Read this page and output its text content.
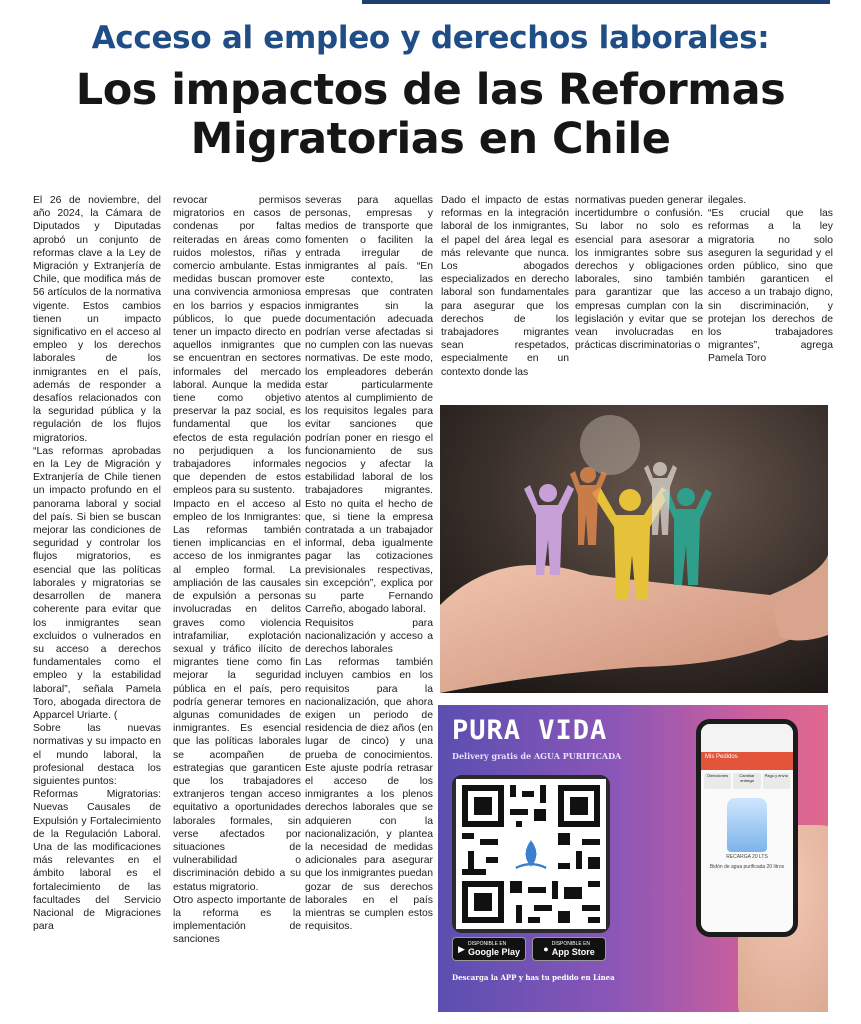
Acceso al empleo y derechos laborales:
Los impactos de las Reformas
Migratorias en Chile

El 26 de noviembre, del año 2024, la Cámara de Diputados y Diputadas aprobó un conjunto de reformas clave a la Ley de Migración y Extranjería de Chile, que modifica más de 56 artículos de la normativa vigente. Estos cambios tienen un impacto significativo en el acceso al empleo y los derechos laborales de los inmigrantes en el país, además de responder a desafíos relacionados con la seguridad pública y la regulación de los flujos migratorios.

“Las reformas aprobadas en la Ley de Migración y Extranjería de Chile tienen un impacto profundo en el panorama laboral y social del país. Si bien se buscan mejorar las condiciones de seguridad y controlar los flujos migratorios, es esencial que las políticas laborales y migratorias se desarrollen de manera coherente para evitar que los inmigrantes sean excluidos o vulnerados en su acceso a derechos fundamentales como el empleo y la estabilidad laboral”, señala Pamela Toro, abogada directora de Apparcel Uriarte. (

Sobre las nuevas normativas y su impacto en el mundo laboral, la profesional destaca los siguientes puntos:

Reformas Migratorias: Nuevas Causales de Expulsión y Fortalecimiento de la Regulación Laboral. Una de las modificaciones más relevantes en el ámbito laboral es el fortalecimiento de las facultades del Servicio Nacional de Migraciones para

revocar permisos migratorios en casos de condenas por faltas reiteradas en áreas como ruidos molestos, riñas y comercio ambulante. Estas medidas buscan promover una convivencia armoniosa en los barrios y espacios públicos, lo que puede tener un impacto directo en aquellos inmigrantes que se encuentran en sectores informales del mercado laboral. Aunque la medida tiene como objetivo preservar la paz social, es fundamental que los efectos de esta regulación no perjudiquen a los trabajadores informales que dependen de estos empleos para su sustento.

Impacto en el acceso al empleo de los Inmigrantes: Las reformas también tienen implicancias en el acceso de los inmigrantes al empleo formal. La ampliación de las causales de expulsión a personas involucradas en delitos graves como violencia intrafamiliar, explotación sexual y tráfico ilícito de migrantes tiene como fin mejorar la seguridad pública en el país, pero podría generar temores en algunas comunidades de inmigrantes. Es esencial que las políticas laborales se acompañen de estrategias que garanticen que los trabajadores extranjeros tengan acceso equitativo a oportunidades laborales formales, sin verse afectados por situaciones de vulnerabilidad o discriminación debido a su estatus migratorio.

Otro aspecto importante de la reforma es la implementación de sanciones

severas para aquellas personas, empresas y medios de transporte que fomenten o faciliten la entrada irregular de inmigrantes al país. “En este contexto, las empresas que contraten inmigrantes sin la documentación adecuada podrían verse afectadas si no cumplen con las nuevas normativas. De este modo, los empleadores deberán estar particularmente atentos al cumplimiento de los requisitos legales para evitar sanciones que podrían poner en riesgo el funcionamiento de sus negocios y afectar la estabilidad laboral de los trabajadores migrantes. Esto no quita el hecho de que, si tiene la empresa contratada a un trabajador informal, deba igualmente pagar las cotizaciones previsionales respectivas, sin excepción”, explica por su parte Fernando Carreño, abogado laboral.

Requisitos para nacionalización y acceso a derechos laborales

Las reformas también incluyen cambios en los requisitos para la nacionalización, que ahora exigen un periodo de residencia de diez años (en lugar de cinco) y una prueba de conocimientos. Este ajuste podría retrasar el acceso de los inmigrantes a los plenos derechos laborales que se adquieren con la nacionalización, y plantea la necesidad de medidas adicionales para asegurar que los inmigrantes puedan gozar de sus derechos laborales en el país mientras se cumplen estos requisitos.

Dado el impacto de estas reformas en la integración laboral de los inmigrantes, el papel del área legal es más relevante que nunca. Los abogados especializados en derecho laboral son fundamentales para asegurar que los derechos de los trabajadores migrantes sean respetados, especialmente en un contexto donde las

normativas pueden generar incertidumbre o confusión. Su labor no solo es esencial para asesorar a los inmigrantes sobre sus derechos y obligaciones laborales, sino también para garantizar que las empresas cumplan con la legislación y evitar que se vean involucradas en prácticas discriminatorias o

ilegales.

“Es crucial que las reformas a la ley migratoria no solo aseguren la seguridad y el orden público, sino que también garanticen el acceso a un trabajo digno, sin discriminación, y protejan los derechos de los trabajadores migrantes”, agrega Pamela Toro

PURA VIDA
Delivery gratis de AGUA PURIFICADA
▶ DISPONIBLE EN
Google Play	● DISPONIBLE EN
App Store
Descarga la APP y has tu pedido en Línea
Mis Pedidos
Direcciones	Cambiar entrega
Pago y envío
RECARGA 20 LTS
Bidón de agua purificada 20 litros
